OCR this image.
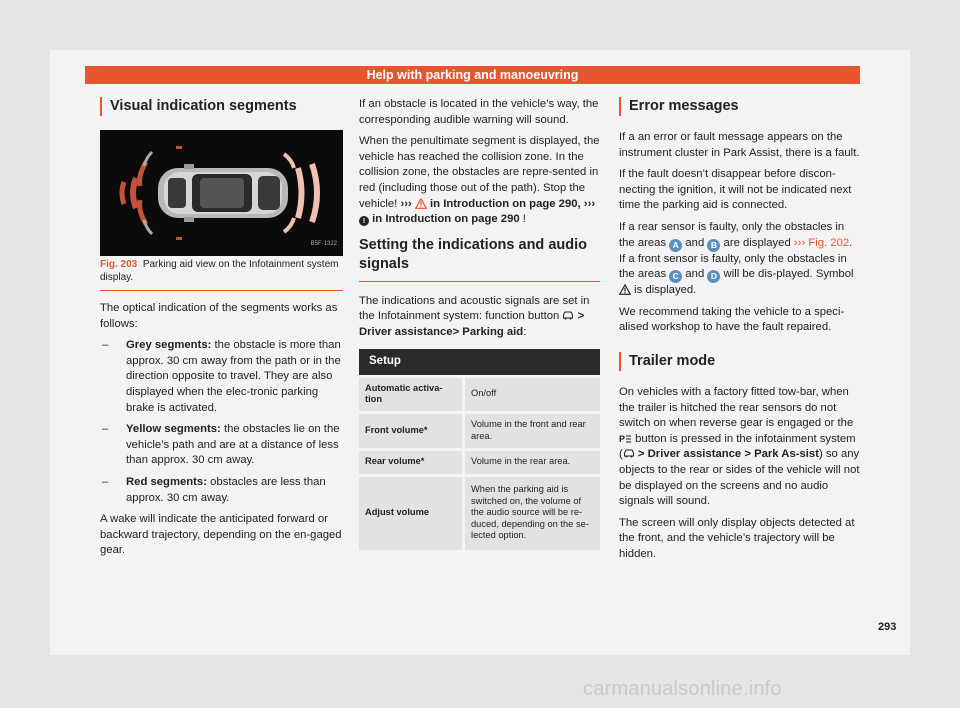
Help with parking and manoeuvring
Visual indication segments
B5F-1322
Fig. 203 Parking aid view on the Infotainment system display.

The optical indication of the segments works as follows:

– Grey segments: the obstacle is more than approx. 30 cm away from the path or in the direction opposite to travel. They are also displayed when the elec-tronic parking brake is activated.
– Yellow segments: the obstacles lie on the vehicle’s path and are at a distance of less than approx. 30 cm away.
– Red segments: obstacles are less than approx. 30 cm away.

A wake will indicate the anticipated forward or backward trajectory, depending on the en-gaged gear.

If an obstacle is located in the vehicle’s way, the corresponding audible warning will sound.

When the penultimate segment is displayed, the vehicle has reached the collision zone. In the collision zone, the obstacles are repre-sented in red (including those out of the path). Stop the vehicle! ››› in Introduction on page 290, ››› ! in Introduction on page 290 !

Setting the indications and audio signals

The indications and acoustic signals are set in the Infotainment system: function button > Driver assistance> Parking aid:

Setup	
Automatic activa-tion	On/off
Front volume*	Volume in the front and rear area.
Rear volume*	Volume in the rear area.
Adjust volume	When the parking aid is switched on, the volume of the audio source will be re-duced, depending on the se-lected option.
Error messages

If a an error or fault message appears on the instrument cluster in Park Assist, there is a fault.

If the fault doesn’t disappear before discon-necting the ignition, it will not be indicated next time the parking aid is connected.

If a rear sensor is faulty, only the obstacles in the areas A and B are displayed ››› Fig. 202. If a front sensor is faulty, only the obstacles in the areas C and D will be dis-played. Symbol  is displayed.

We recommend taking the vehicle to a speci-alised workshop to have the fault repaired.

Trailer mode

On vehicles with a factory fitted tow-bar, when the trailer is hitched the rear sensors do not switch on when reverse gear is engaged or the
P button is pressed in the infotainment system ( > Driver assistance > Park As-sist) so any objects to the rear or sides of the vehicle will not be displayed on the screens and no audio signals will sound.

The screen will only display objects detected at the front, and the vehicle’s trajectory will be hidden.

293
carmanualsonline.info
